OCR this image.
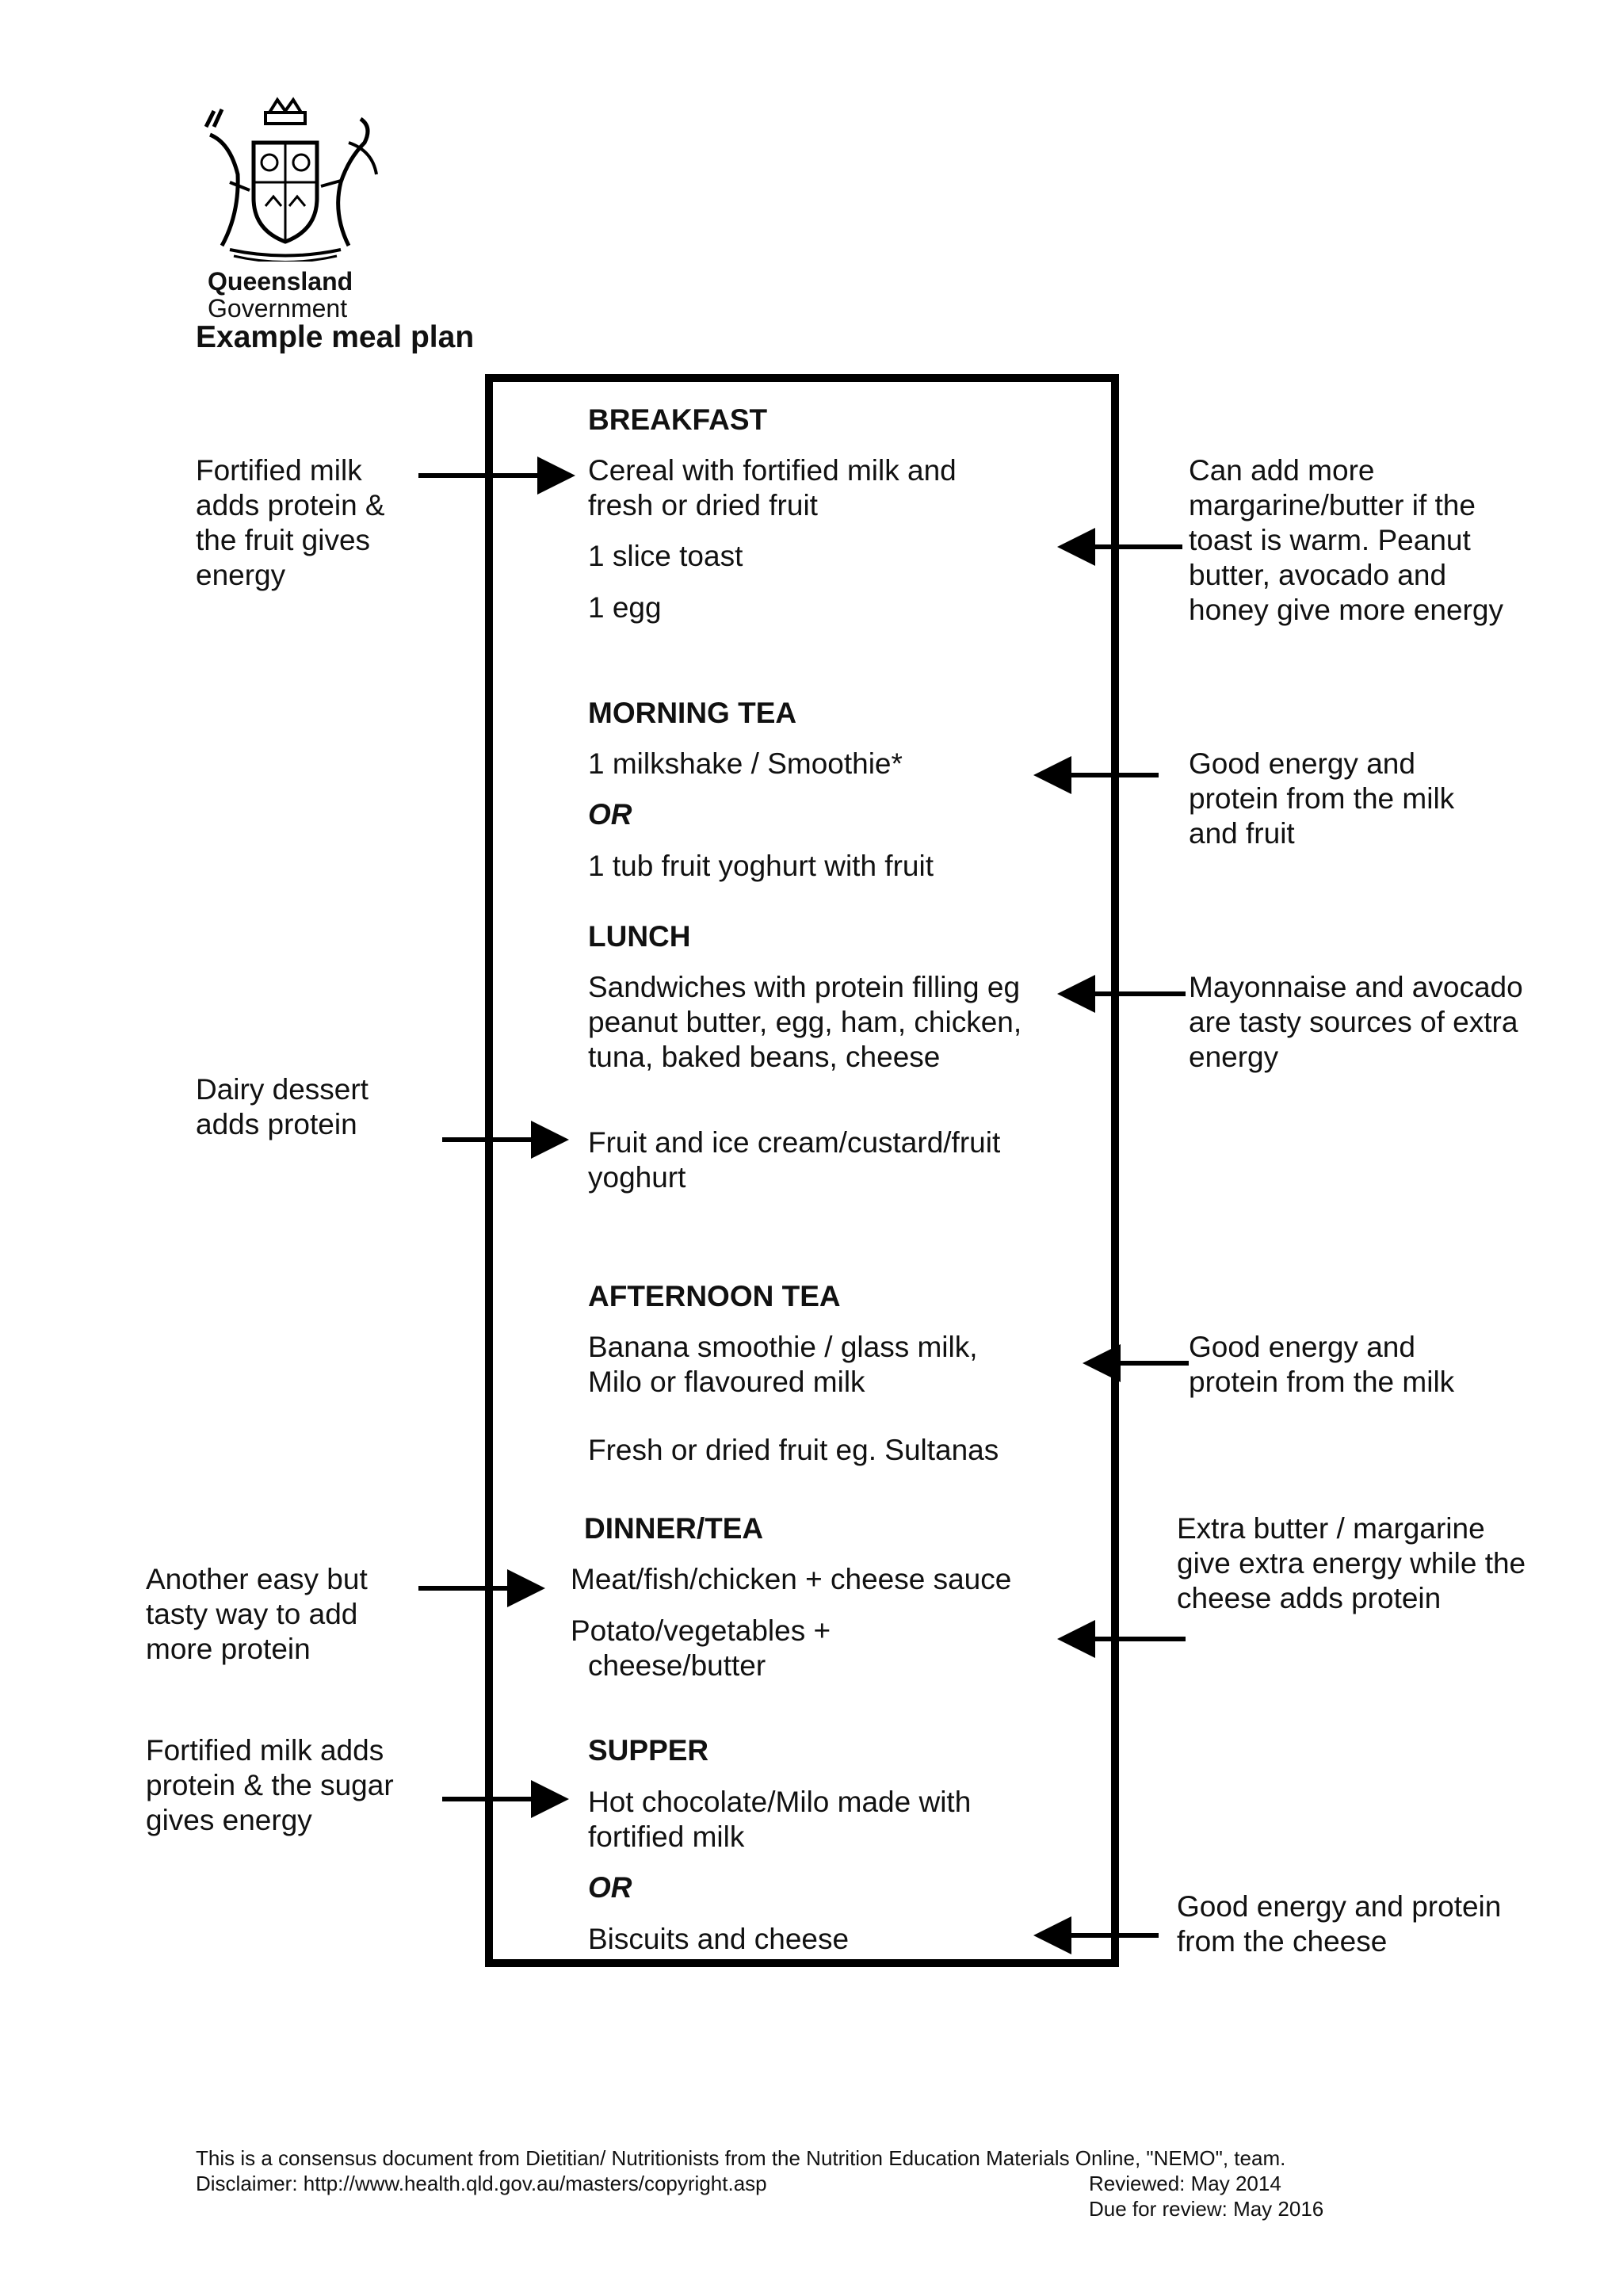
Queensland
Government
Example meal plan
BREAKFAST
Cereal with fortified milk and fresh or dried fruit
1 slice toast
1 egg
MORNING TEA
1 milkshake / Smoothie*
OR
1 tub fruit yoghurt with fruit
LUNCH
Sandwiches with protein filling eg peanut butter, egg, ham, chicken, tuna, baked beans, cheese
Fruit and ice cream/custard/fruit yoghurt
AFTERNOON TEA
Banana smoothie / glass milk, Milo or flavoured milk
Fresh or dried fruit eg. Sultanas
DINNER/TEA
Meat/fish/chicken + cheese sauce
Potato/vegetables +
cheese/butter
SUPPER
Hot chocolate/Milo made with fortified milk
OR
Biscuits and cheese
Fortified milk adds protein & the fruit gives energy
Dairy dessert adds protein
Another easy but tasty way to add more protein
Fortified milk adds protein & the sugar gives energy
Can add more margarine/butter if the toast is warm. Peanut butter, avocado and honey give more energy
Good energy and protein from the milk and fruit
Mayonnaise and avocado are tasty sources of extra energy
Good energy and protein from the milk
Extra butter / margarine give extra energy while the cheese adds protein
Good energy and protein from the cheese
This is a consensus document from Dietitian/ Nutritionists from the Nutrition Education Materials Online, "NEMO", team.
Disclaimer: http://www.health.qld.gov.au/masters/copyright.asp	Reviewed: May 2014
Due for review: May 2016
